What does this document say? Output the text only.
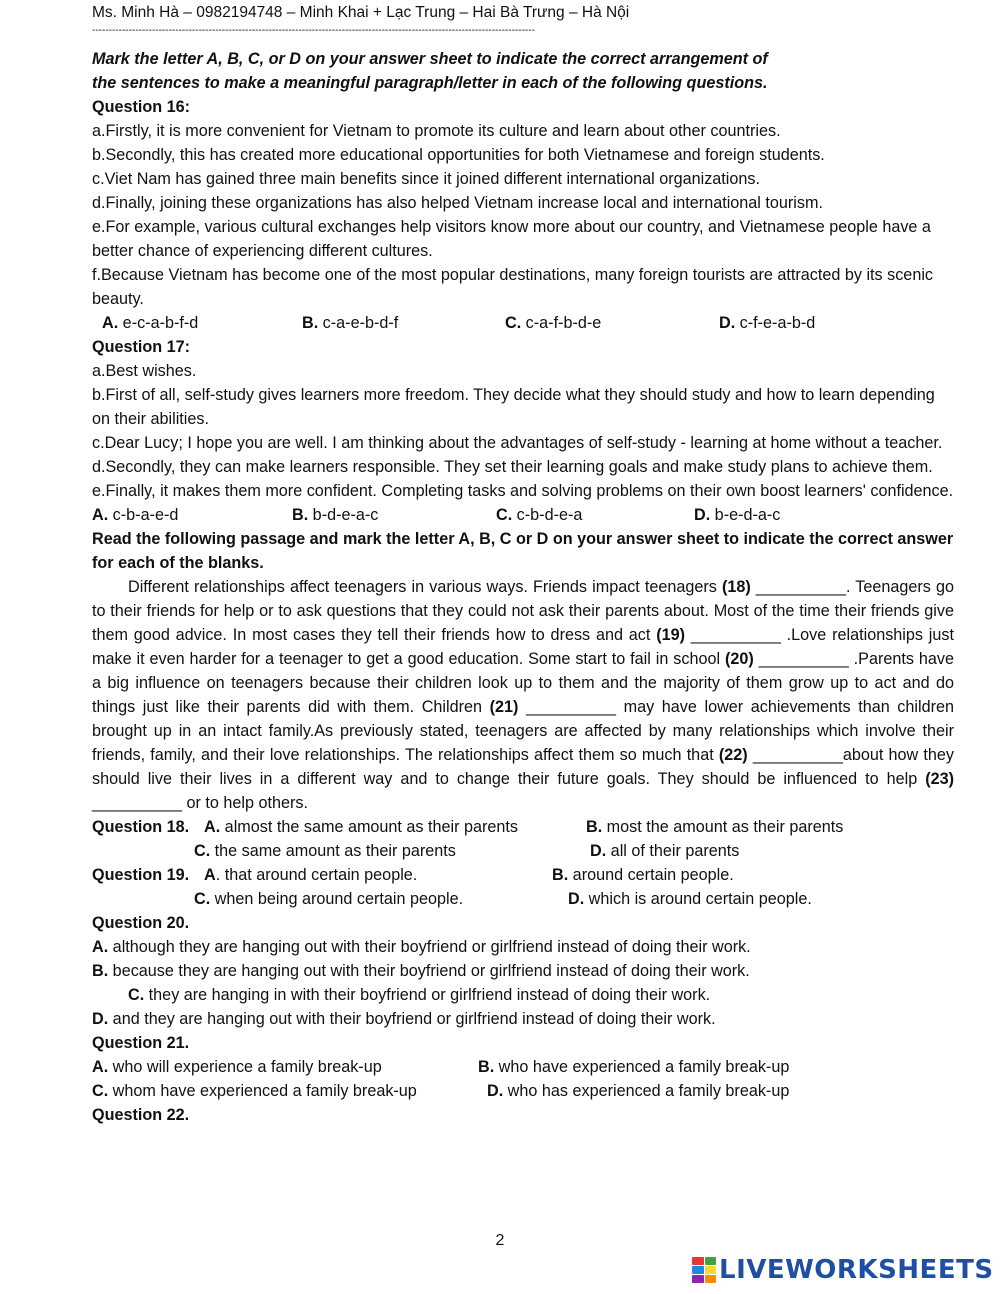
Ms. Minh Hà – 0982194748 – Minh Khai + Lạc Trung – Hai Bà Trưng – Hà Nội
-------------------------------------------------------------------------------------------------------------------------------------

Mark the letter A, B, C, or D on your answer sheet to indicate the correct arrangement of

the sentences to make a meaningful paragraph/letter in each of the following questions.

Question 16:

a.Firstly, it is more convenient for Vietnam to promote its culture and learn about other countries.

b.Secondly, this has created more educational opportunities for both Vietnamese and foreign students.

c.Viet Nam has gained three main benefits since it joined different international organizations.

d.Finally, joining these organizations has also helped Vietnam increase local and international tourism.

e.For example, various cultural exchanges help visitors know more about our country, and Vietnamese people have a better chance of experiencing different cultures.

f.Because Vietnam has become one of the most popular destinations, many foreign tourists are attracted by its scenic beauty.

A. e-c-a-b-f-d	B. c-a-e-b-d-f	C. c-a-f-b-d-e	D. c-f-e-a-b-d

Question 17:

a.Best wishes.

b.First of all, self-study gives learners more freedom. They decide what they should study and how to learn depending on their abilities.

c.Dear Lucy; I hope you are well. I am thinking about the advantages of self-study - learning at home without a teacher.

d.Secondly, they can make learners responsible. They set their learning goals and make study plans to achieve them.

e.Finally, it makes them more confident. Completing tasks and solving problems on their own boost learners' confidence.

A. c-b-a-e-d	B. b-d-e-a-c	C. c-b-d-e-a	D. b-e-d-a-c

Read the following passage and mark the letter A, B, C or D on your answer sheet to indicate the correct answer for each of the blanks.

Different relationships affect teenagers in various ways. Friends impact teenagers (18) __________. Teenagers go to their friends for help or to ask questions that they could not ask their parents about. Most of the time their friends give them good advice. In most cases they tell their friends how to dress and act (19) __________ .Love relationships just make it even harder for a teenager to get a good education. Some start to fail in school (20) __________ .Parents have a big influence on teenagers because their children look up to them and the majority of them grow up to act and do things just like their parents did with them. Children (21) __________ may have lower achievements than children brought up in an intact family.As previously stated, teenagers are affected by many relationships which involve their friends, family, and their love relationships. The relationships affect them so much that (22) __________about how they should live their lives in a different way and to change their future goals. They should be influenced to help (23) __________ or to help others.

Question 18. A. almost the same amount as their parents	B. most the amount as their parents
C. the same amount as their parents	D. all of their parents
Question 19. A. that around certain people.	B. around certain people.
C. when being around certain people.	D. which is around certain people.

Question 20.

A. although they are hanging out with their boyfriend or girlfriend instead of doing their work.

B. because they are hanging out with their boyfriend or girlfriend instead of doing their work.

C. they are hanging in with their boyfriend or girlfriend instead of doing their work.

D. and they are hanging out with their boyfriend or girlfriend instead of doing their work.

Question 21.

A. who will experience a family break-up	B. who have experienced a family break-up
C. whom have experienced a family break-up	D. who has experienced a family break-up

Question 22.

2
LIVEWORKSHEETS
